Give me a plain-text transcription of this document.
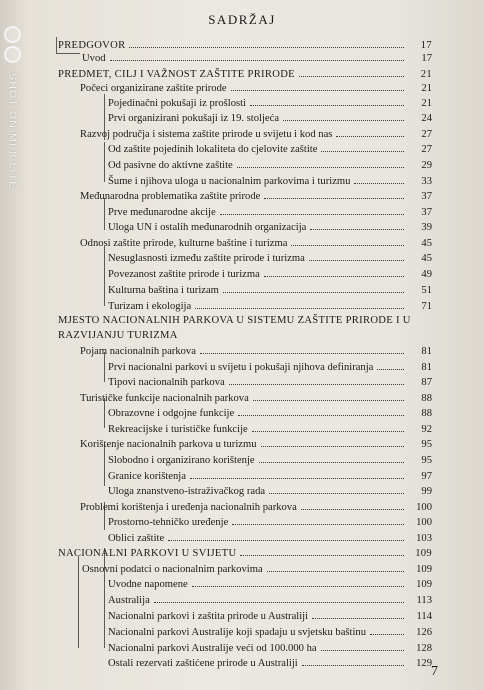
SHOT ON MI 8 LITE
SADRŽAJ
PREDGOVOR	17
Uvod	17
PREDMET, CILJ I VAŽNOST ZAŠTITE PRIRODE	21
Počeci organizirane zaštite prirode	21
Pojedinačni pokušaji iz prošlosti	21
Prvi organizirani pokušaji iz 19. stoljeća	24
Razvoj područja i sistema zaštite prirode u svijetu i kod nas	27
Od zaštite pojedinih lokaliteta do cjelovite zaštite	27
Od pasivne do aktivne zaštite	29
Šume i njihova uloga u nacionalnim parkovima i turizmu	33
Međunarodna problematika zaštite prirode	37
Prve međunarodne akcije	37
Uloga UN i ostalih međunarodnih organizacija	39
Odnosi zaštite prirode, kulturne baštine i turizma	45
Nesuglasnosti između zaštite prirode i turizma	45
Povezanost zaštite prirode i turizma	49
Kulturna baština i turizam	51
Turizam i ekologija	71
MJESTO NACIONALNIH PARKOVA U SISTEMU ZAŠTITE PRIRODE I U
RAZVIJANJU TURIZMA
Pojam nacionalnih parkova	81
Prvi nacionalni parkovi u svijetu i pokušaji njihova definiranja	81
Tipovi nacionalnih parkova	87
Turističke funkcije nacionalnih parkova	88
Obrazovne i odgojne funkcije	88
Rekreacijske i turističke funkcije	92
Korištenje nacionalnih parkova u turizmu	95
Slobodno i organizirano korištenje	95
Granice korištenja	97
Uloga znanstveno-istraživačkog rada	99
Problemi korištenja i uređenja nacionalnih parkova	100
Prostorno-tehničko uređenje	100
Oblici zaštite	103
NACIONALNI PARKOVI U SVIJETU	109
Osnovni podatci o nacionalnim parkovima	109
Uvodne napomene	109
Australija	113
Nacionalni parkovi i zaštita prirode u Australiji	114
Nacionalni parkovi Australije koji spadaju u svjetsku baštinu	126
Nacionalni parkovi Australije veći od 100.000 ha	128
Ostali rezervati zaštićene prirode u Australiji	129
7
